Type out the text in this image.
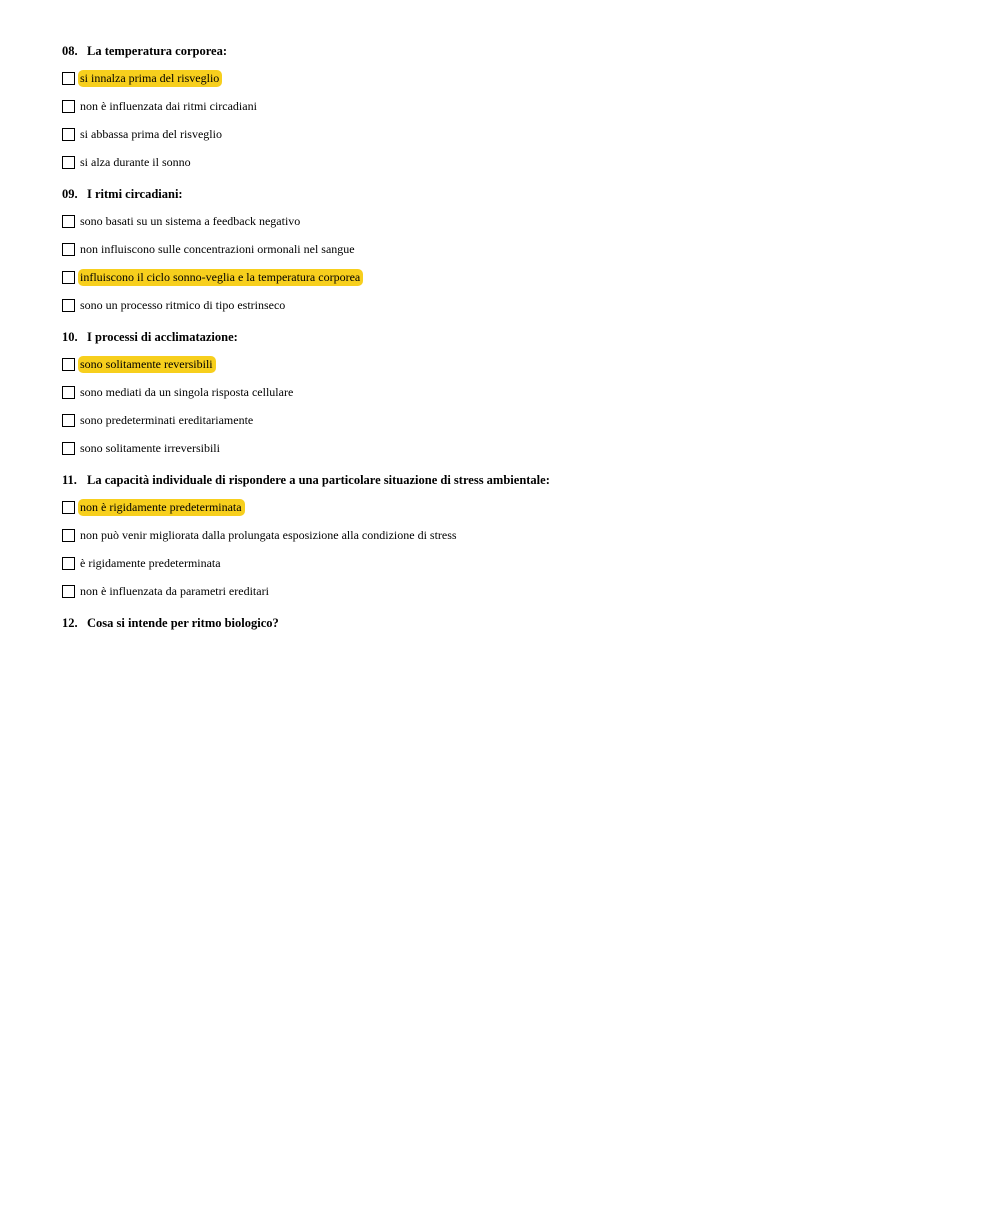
08. La temperatura corporea:
si innalza prima del risveglio
non è influenzata dai ritmi circadiani
si abbassa prima del risveglio
si alza durante il sonno
09. I ritmi circadiani:
sono basati su un sistema a feedback negativo
non influiscono sulle concentrazioni ormonali nel sangue
influiscono il ciclo sonno-veglia e la temperatura corporea
sono un processo ritmico di tipo estrinseco
10. I processi di acclimatazione:
sono solitamente reversibili
sono mediati da un singola risposta cellulare
sono predeterminati ereditariamente
sono solitamente irreversibili
11. La capacità individuale di rispondere a una particolare situazione di stress ambientale:
non è rigidamente predeterminata
non può venir migliorata dalla prolungata esposizione alla condizione di stress
è rigidamente predeterminata
non è influenzata da parametri ereditari
12. Cosa si intende per ritmo biologico?
